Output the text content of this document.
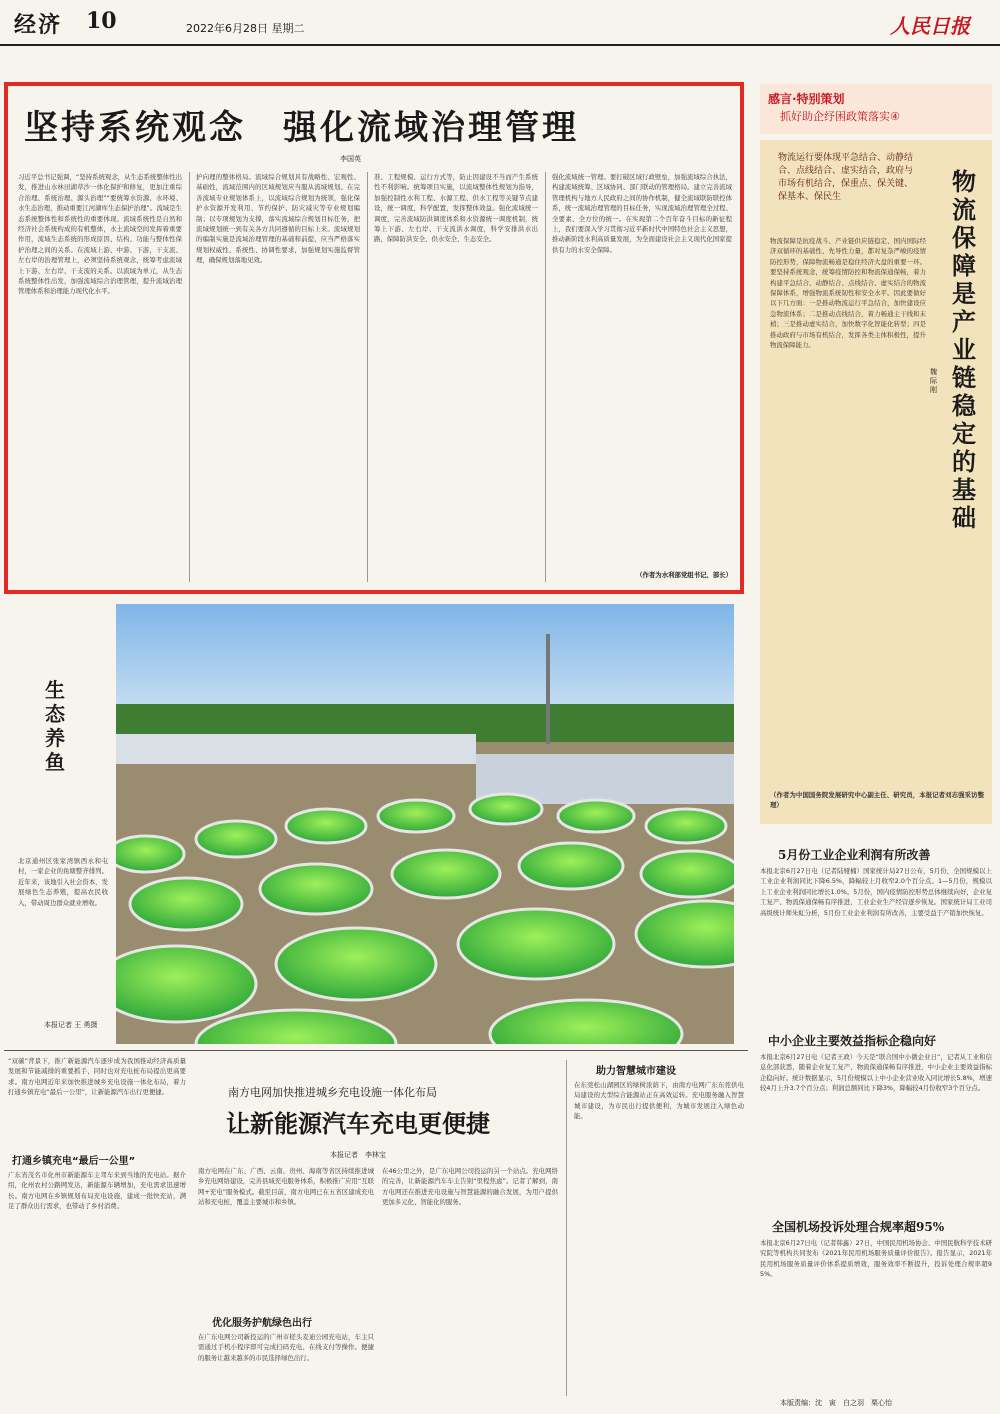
经济 10	2022年6月28日 星期二	人民日报
坚持系统观念　强化流域治理管理
李国英
习近平总书记强调，“坚持系统观念，从生态系统整体性出发，推进山水林田湖草沙一体化保护和修复，更加注重综合治理、系统治理、源头治理”“要统筹水资源、水环境、水生态治理，推动重要江河湖库生态保护治理”。流域是生态系统整体性和系统性的重要体现。流域系统性是自然和经济社会系统构成的有机整体，水土流域空间发挥着重要作用，流域生态系统的形成原因、结构、功能与整体性保护治理之间的关系。在流域上游、中游、下游，干支流、左右岸的治理管理上，必须坚持系统观念，统筹考虑流域上下游、左右岸、干支流的关系。以流域为单元，从生态系统整体性出发，加强流域综合治理管理，提升流域治理管理体系和治理能力现代化水平。
护向理的整体格局。流域综合规划具有战略性、宏观性、基础性，流域范围内的区域规划应当服从流域规划。在完善流域专业规划体系上，以流域综合规划为统领，强化保护水资源开发利用、节约保护、防灾减灾等专业规划编制；以专项规划为支撑，落实流域综合规划目标任务，把流域规划统一到有关各方共同遵循的目标上来。流域规划的编制实施是流域治理管理的基础和前提，应当严格落实规划权威性、系统性、协调性要求，加强规划实施监督管理，确保规划落地见效。
准、工程规模、运行方式等，防止因建设不当而产生系统性不利影响。统筹项目实施，以流域整体性规划为指导，加强控制性水利工程、水源工程、供水工程等关键节点建设，统一调度，科学配置，发挥整体效益。强化流域统一调度，完善流域防洪调度体系和水资源统一调度机制，统筹上下游、左右岸、干支流洪水调度，科学安排洪水出路，保障防洪安全、供水安全、生态安全。
强化流域统一管理。要打破区域行政壁垒，加强流域综合执法，构建流域统筹、区域协同、部门联动的管理格局。建立完善流域管理机构与地方人民政府之间的协作机制，健全流域联防联控体系，统一流域治理管理的目标任务，实现流域治理管理全过程、全要素、全方位的统一。在实现第二个百年奋斗目标的新征程上，我们要深入学习贯彻习近平新时代中国特色社会主义思想，推动新阶段水利高质量发展，为全面建设社会主义现代化国家提供有力的水安全保障。
（作者为水利部党组书记、部长）
感言·特别策划
抓好助企纾困政策落实④
物流运行要体现平急结合、动静结合、点线结合、虚实结合，政府与市场有机结合，保重点、保关键、保基本、保民生
物流保障是产业链稳定的基础
魏际刚
物流保障是抗疫战斗、产业链供应链稳定、国内国际经济双循环的基础性、先导性力量，都对复杂严峻的疫情防控形势，保障物流畅通是稳住经济大盘的重要一环。要坚持系统观念，统筹疫情防控和物流保通保畅，着力构建平急结合、动静结合、点线结合、虚实结合的物流保障体系，增强物流系统韧性和安全水平。因此要做好以下几方面：一是推动物流运行平急结合，加快建设应急物流体系；二是推动点线结合，着力畅通主干线和末梢；三是推动虚实结合，加快数字化智能化转型；四是推动政府与市场有机结合，发挥各类主体积极性，提升物流保障能力。
（作者为中国国务院发展研究中心副主任、研究员，本报记者刘志强采访整理）
5月份工业企业利润有所改善
本报北京6月27日电（记者陆娅楠）国家统计局27日公布，5月份，全国规模以上工业企业利润同比下降6.5%，降幅较上月收窄2.0个百分点。1—5月份，规模以上工业企业利润同比增长1.0%。5月份，国内疫情防控形势总体继续向好，企业复工复产、物流保通保畅有序推进，工业企业生产经营逐步恢复。国家统计局工业司高级统计师朱虹分析，5月份工业企业利润有所改善，主要受益于产销加快恢复。
中小企业主要效益指标企稳向好
本报北京6月27日电（记者王政）今天是“联合国中小微企业日”，记者从工业和信息化部获悉，随着企业复工复产、物流保通保畅有序推进，中小企业主要效益指标企稳向好。统计数据显示，5月份规模以上中小企业营业收入同比增长5.8%，增速较4月上升3.7个百分点；利润总额同比下降3%，降幅较4月份收窄3个百分点。
全国机场投诉处理合规率超95%
本报北京6月27日电（记者韩鑫）27日，中国民用机场协会、中国民航科学技术研究院等机构共同发布《2021年民用机场服务质量评价报告》。报告显示，2021年民用机场服务质量评价体系提质增效，服务效率不断提升，投诉处理合规率超95%。
生态养鱼
北京通州区张家湾镇西永和屯村，一家企业的鱼塘整齐排列。近年来，该地引入社会资本，发展绿色生态养殖，提高农民收入，带动周边群众就业增收。
本报记者 王 勇摄
“双碳”背景下，推广新能源汽车逐步成为我国推动经济高质量发展和节能减排的重要抓手，同时也对充电桩布局提出更高要求。南方电网近年来加快推进城乡充电设施一体化布局，着力打通乡镇充电“最后一公里”，让新能源汽车出行更便捷。
打通乡镇充电“最后一公里”
广东省茂名市化州市新能源车主驾车来到当地的充电站。据介绍，化州农村公路网发达，新能源车辆增加，充电需求迅速增长。南方电网在乡镇规划布局充电设施，建成一批快充站，满足了群众出行需求，也带动了乡村消费。
南方电网加快推进城乡充电设施一体化布局
让新能源汽车充电更便捷
本报记者　李林宝
南方电网在广东、广西、云南、贵州、海南等省区持续推进城乡充电网络建设，完善县域充电服务体系，积极推广应用“互联网+充电”服务模式。截至目前，南方电网已在五省区建成充电站和充电桩，覆盖主要城市和乡镇。
在46公里之外，是广东电网公司投运的另一个站点。充电网络的完善，让新能源汽车车主告别“里程焦虑”。记者了解到，南方电网还在推进充电设施与智慧能源的融合发展，为用户提供更加多元化、智能化的服务。
优化服务护航绿色出行
在广东电网公司新投运的广州市槎头麦迪公园充电站，车主只需通过手机小程序即可完成扫码充电、在线支付等操作。便捷的服务让越来越多的市民选择绿色出行。
助力智慧城市建设
在东莞松山湖园区的绿树浓荫下，由南方电网广东东莞供电局建设的大型综合能源站正在高效运转。充电服务融入智慧城市建设，为市民出行提供便利，为城市发展注入绿色动能。
本版责编：沈　寅　白之羽　栗心怡
